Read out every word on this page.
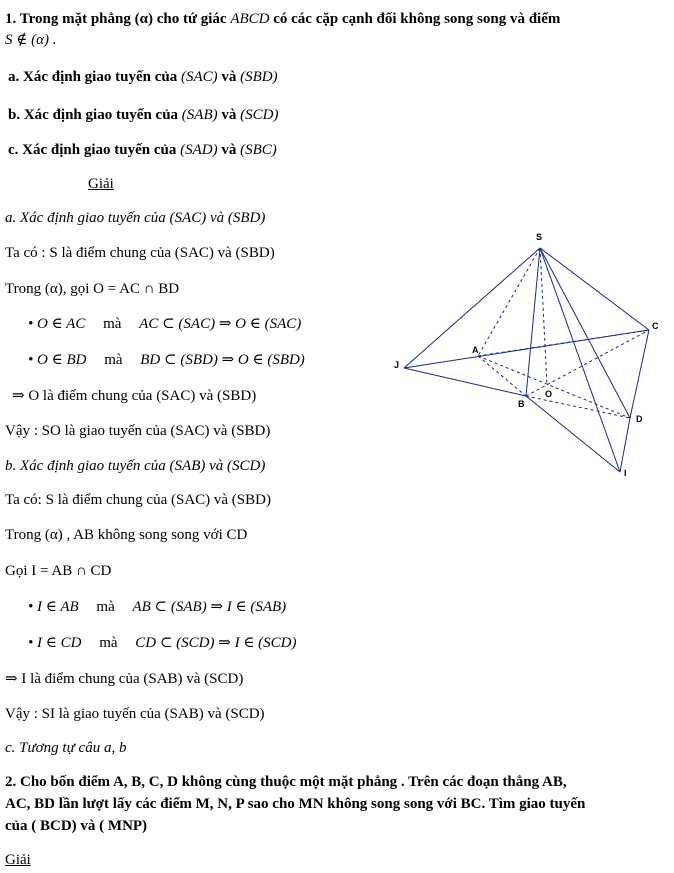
1. Trong mặt phẳng (α) cho tứ giác ABCD có các cặp cạnh đối không song song và điểm
S ∉ (α) .
a. Xác định giao tuyến của (SAC) và (SBD)
b. Xác định giao tuyến của (SAB) và (SCD)
c. Xác định giao tuyến của (SAD) và (SBC)
Giải
a. Xác định giao tuyến của (SAC) và (SBD)
Ta có : S là điểm chung của (SAC) và (SBD)
Trong (α), gọi O = AC ∩ BD
• O ∈ AC mà AC ⊂ (SAC) ⇒ O ∈ (SAC)
• O ∈ BD mà BD ⊂ (SBD) ⇒ O ∈ (SBD)
⇒ O là điểm chung của (SAC) và (SBD)
Vậy : SO là giao tuyến của (SAC) và (SBD)
b. Xác định giao tuyến của (SAB) và (SCD)
Ta có: S là điểm chung của (SAC) và (SBD)
Trong (α) , AB không song song với CD
Gọi I = AB ∩ CD
• I ∈ AB mà AB ⊂ (SAB) ⇒ I ∈ (SAB)
• I ∈ CD mà CD ⊂ (SCD) ⇒ I ∈ (SCD)
⇒ I là điểm chung của (SAB) và (SCD)
Vậy : SI là giao tuyến của (SAB) và (SCD)
c. Tương tự câu a, b
2. Cho bốn điểm A, B, C, D không cùng thuộc một mặt phẳng . Trên các đoạn thẳng AB,
AC, BD lần lượt lấy các điểm M, N, P sao cho MN không song song với BC. Tìm giao tuyến
của ( BCD) và ( MNP)
Giải
S
C
A
J
B
O
D
I
